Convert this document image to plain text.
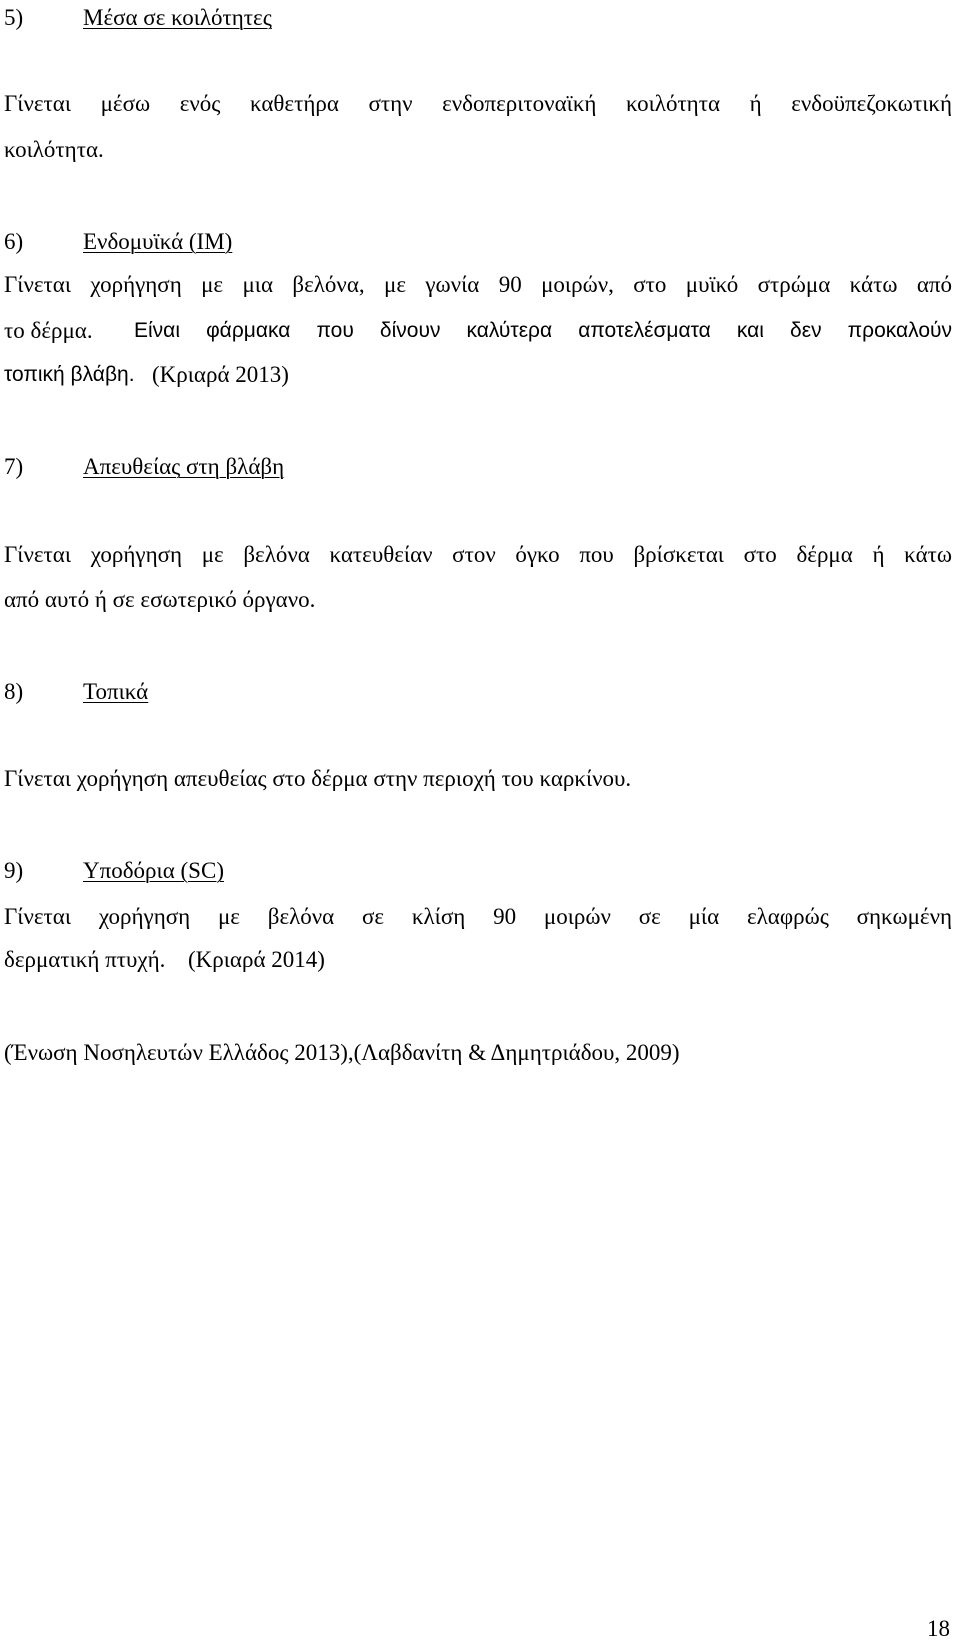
5)	Μέσα σε κοιλότητες
Γίνεται μέσω ενός καθετήρα στην ενδοπεριτοναϊκή κοιλότητα ή ενδοϋπεζοκωτική
κοιλότητα.
6)	Ενδομυϊκά (IM)
Γίνεται χορήγηση με μια βελόνα, με γωνία 90 μοιρών, στο μυϊκό στρώμα κάτω από
το δέρμα. Είναι φάρμακα που δίνουν καλύτερα αποτελέσματα και δεν προκαλούν
τοπική βλάβη. (Κριαρά 2013)
7)	Απευθείας στη βλάβη
Γίνεται χορήγηση με βελόνα κατευθείαν στον όγκο που βρίσκεται στο δέρμα ή κάτω
από αυτό ή σε εσωτερικό όργανο.
8)	Τοπικά
Γίνεται χορήγηση απευθείας στο δέρμα στην περιοχή του καρκίνου.
9)	Υποδόρια (SC)
Γίνεται χορήγηση με βελόνα σε κλίση 90 μοιρών σε μία ελαφρώς σηκωμένη
δερματική πτυχή. (Κριαρά 2014)
(Ένωση Νοσηλευτών Ελλάδος 2013),(Λαβδανίτη & Δημητριάδου, 2009)
18
